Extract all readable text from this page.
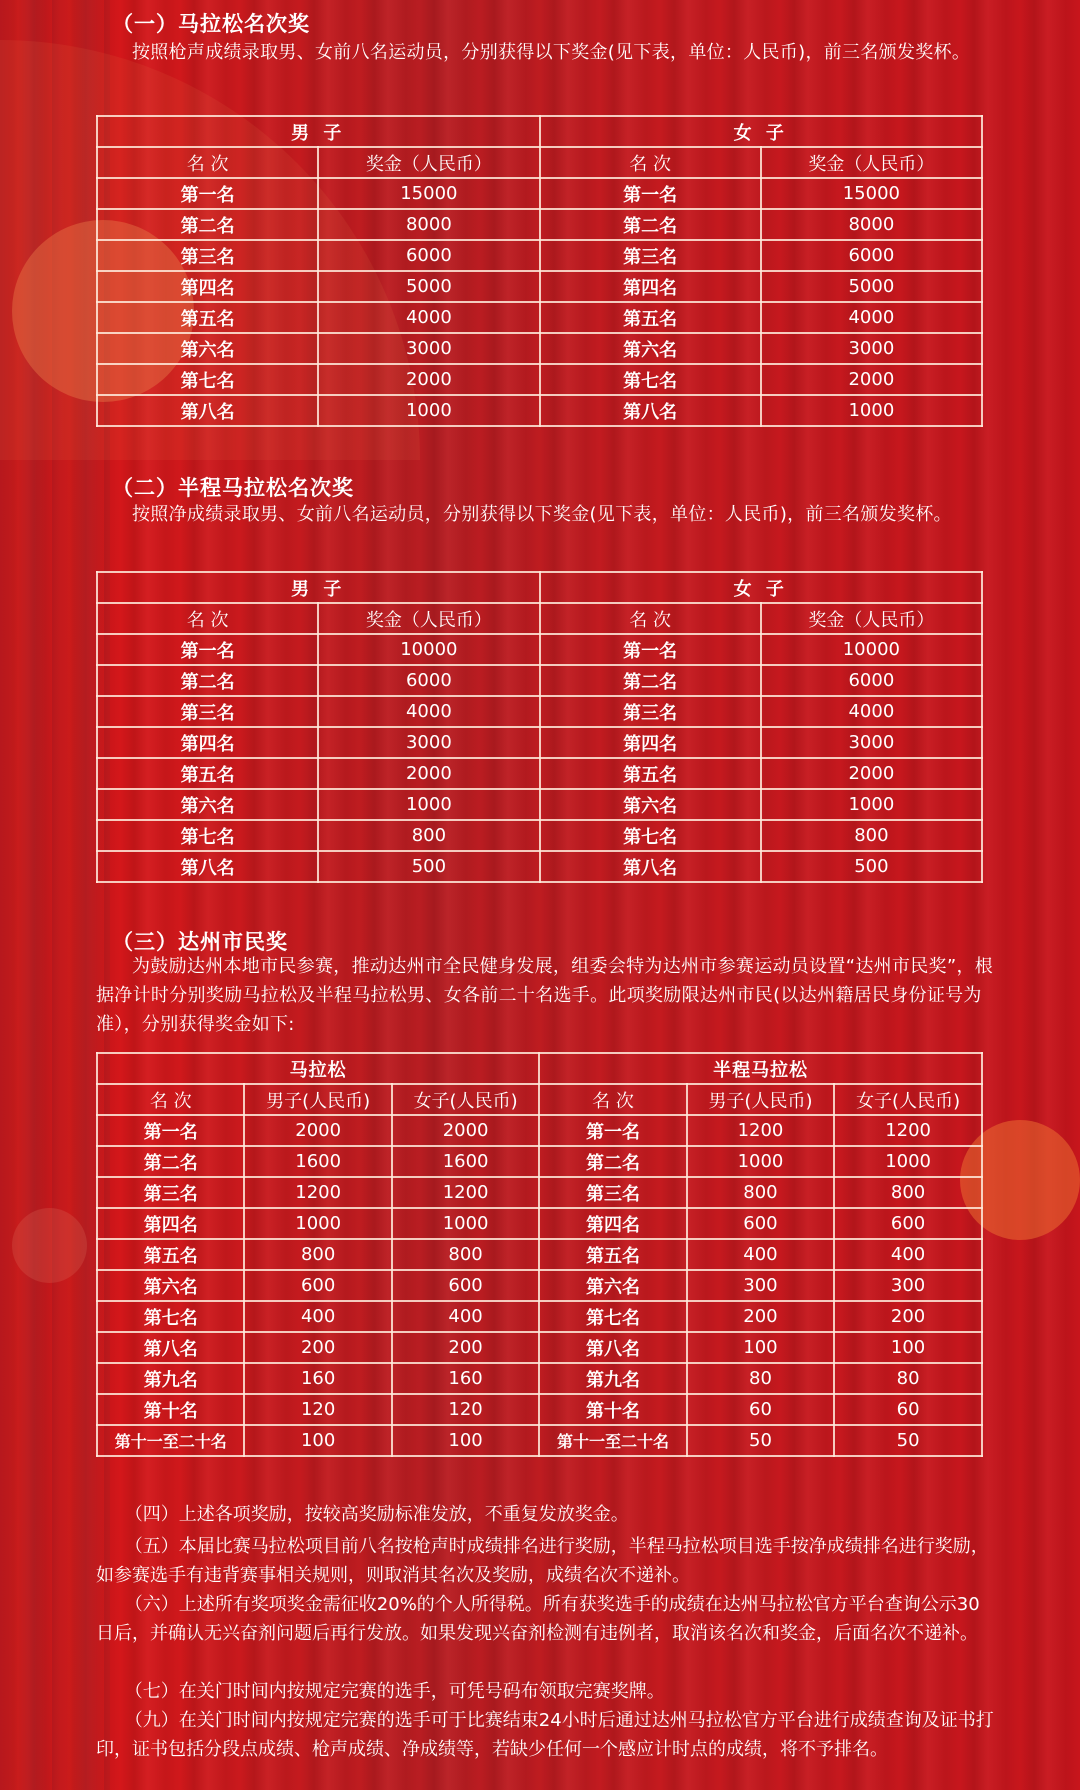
（一）马拉松名次奖
按照枪声成绩录取男、女前八名运动员，分别获得以下奖金(见下表，单位：人民币)，前三名颁发奖杯。
男 子		女 子	
名 次	奖金（人民币）	名 次	奖金（人民币）
第一名	15000	第一名	15000
第二名	8000	第二名	8000
第三名	6000	第三名	6000
第四名	5000	第四名	5000
第五名	4000	第五名	4000
第六名	3000	第六名	3000
第七名	2000	第七名	2000
第八名	1000	第八名	1000
（二）半程马拉松名次奖
按照净成绩录取男、女前八名运动员，分别获得以下奖金(见下表，单位：人民币)，前三名颁发奖杯。
男 子		女 子	
名 次	奖金（人民币）	名 次	奖金（人民币）
第一名	10000	第一名	10000
第二名	6000	第二名	6000
第三名	4000	第三名	4000
第四名	3000	第四名	3000
第五名	2000	第五名	2000
第六名	1000	第六名	1000
第七名	800	第七名	800
第八名	500	第八名	500
（三）达州市民奖
为鼓励达州本地市民参赛，推动达州市全民健身发展，组委会特为达州市参赛运动员设置“达州市民奖”，根据净计时分别奖励马拉松及半程马拉松男、女各前二十名选手。此项奖励限达州市民(以达州籍居民身份证号为准），分别获得奖金如下:
马拉松			半程马拉松		
名 次	男子(人民币)	女子(人民币)	名 次	男子(人民币)	女子(人民币)
第一名	2000	2000	第一名	1200	1200
第二名	1600	1600	第二名	1000	1000
第三名	1200	1200	第三名	800	800
第四名	1000	1000	第四名	600	600
第五名	800	800	第五名	400	400
第六名	600	600	第六名	300	300
第七名	400	400	第七名	200	200
第八名	200	200	第八名	100	100
第九名	160	160	第九名	80	80
第十名	120	120	第十名	60	60
第十一至二十名	100	100	第十一至二十名	50	50
（四）上述各项奖励，按较高奖励标准发放，不重复发放奖金。
（五）本届比赛马拉松项目前八名按枪声时成绩排名进行奖励，半程马拉松项目选手按净成绩排名进行奖励，如参赛选手有违背赛事相关规则，则取消其名次及奖励，成绩名次不递补。
（六）上述所有奖项奖金需征收20%的个人所得税。所有获奖选手的成绩在达州马拉松官方平台查询公示30日后，并确认无兴奋剂问题后再行发放。如果发现兴奋剂检测有违例者，取消该名次和奖金，后面名次不递补。
（七）在关门时间内按规定完赛的选手，可凭号码布领取完赛奖牌。
（九）在关门时间内按规定完赛的选手可于比赛结束24小时后通过达州马拉松官方平台进行成绩查询及证书打印，证书包括分段点成绩、枪声成绩、净成绩等，若缺少任何一个感应计时点的成绩，将不予排名。
